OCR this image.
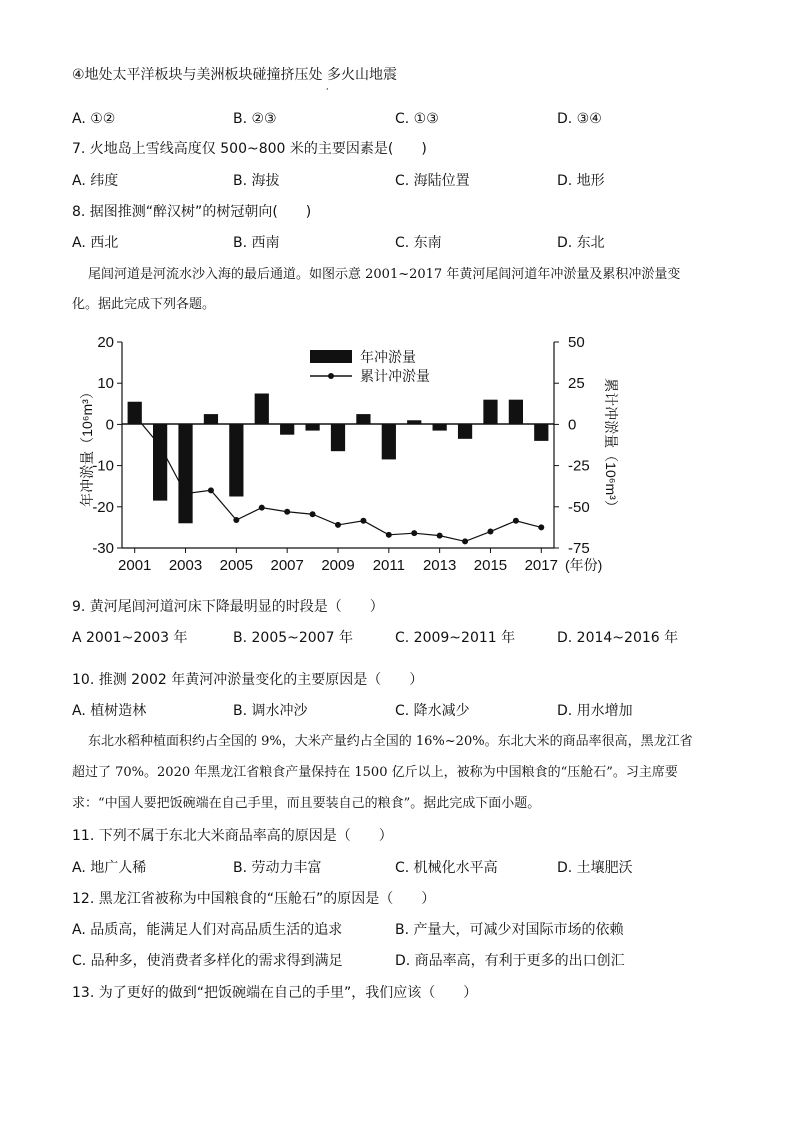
④地处太平洋板块与美洲板块碰撞挤压处 多火山地震
,
A. ①②	B. ②③	C. ①③	D. ③④
7. 火地岛上雪线高度仅 500~800 米的主要因素是(　　)
A. 纬度	B. 海拔	C. 海陆位置	D. 地形
8. 据图推测“醉汉树”的树冠朝向(　　)
A. 西北	B. 西南	C. 东南	D. 东北
尾闾河道是河流水沙入海的最后通道。如图示意 2001~2017 年黄河尾闾河道年冲淤量及累积冲淤量变
化。据此完成下列各题。
20
10
0
-10
-20
-30
50
25
0
-25
-50
-75
2001 2003 2005 2007 2009 2011 2013 2015 2017
年冲淤量
累计冲淤量
年冲淤量（10⁶m³）	累计冲淤量（10⁶m³）
(年份)
9. 黄河尾闾河道河床下降最明显的时段是（　　）
A 2001~2003 年	B. 2005~2007 年	C. 2009~2011 年	D. 2014~2016 年
10. 推测 2002 年黄河冲淤量变化的主要原因是（　　）
A. 植树造林	B. 调水冲沙	C. 降水减少	D. 用水增加
东北水稻种植面积约占全国的 9%，大米产量约占全国的 16%~20%。东北大米的商品率很高，黑龙江省
超过了 70%。2020 年黑龙江省粮食产量保持在 1500 亿斤以上，被称为中国粮食的“压舱石”。习主席要
求：“中国人要把饭碗端在自己手里，而且要装自己的粮食”。据此完成下面小题。
11. 下列不属于东北大米商品率高的原因是（　　）
A. 地广人稀	B. 劳动力丰富	C. 机械化水平高	D. 土壤肥沃
12. 黑龙江省被称为中国粮食的“压舱石”的原因是（　　）
A. 品质高，能满足人们对高品质生活的追求	B. 产量大，可减少对国际市场的依赖
C. 品种多，使消费者多样化的需求得到满足	D. 商品率高，有利于更多的出口创汇
13. 为了更好的做到“把饭碗端在自己的手里”，我们应该（　　）
